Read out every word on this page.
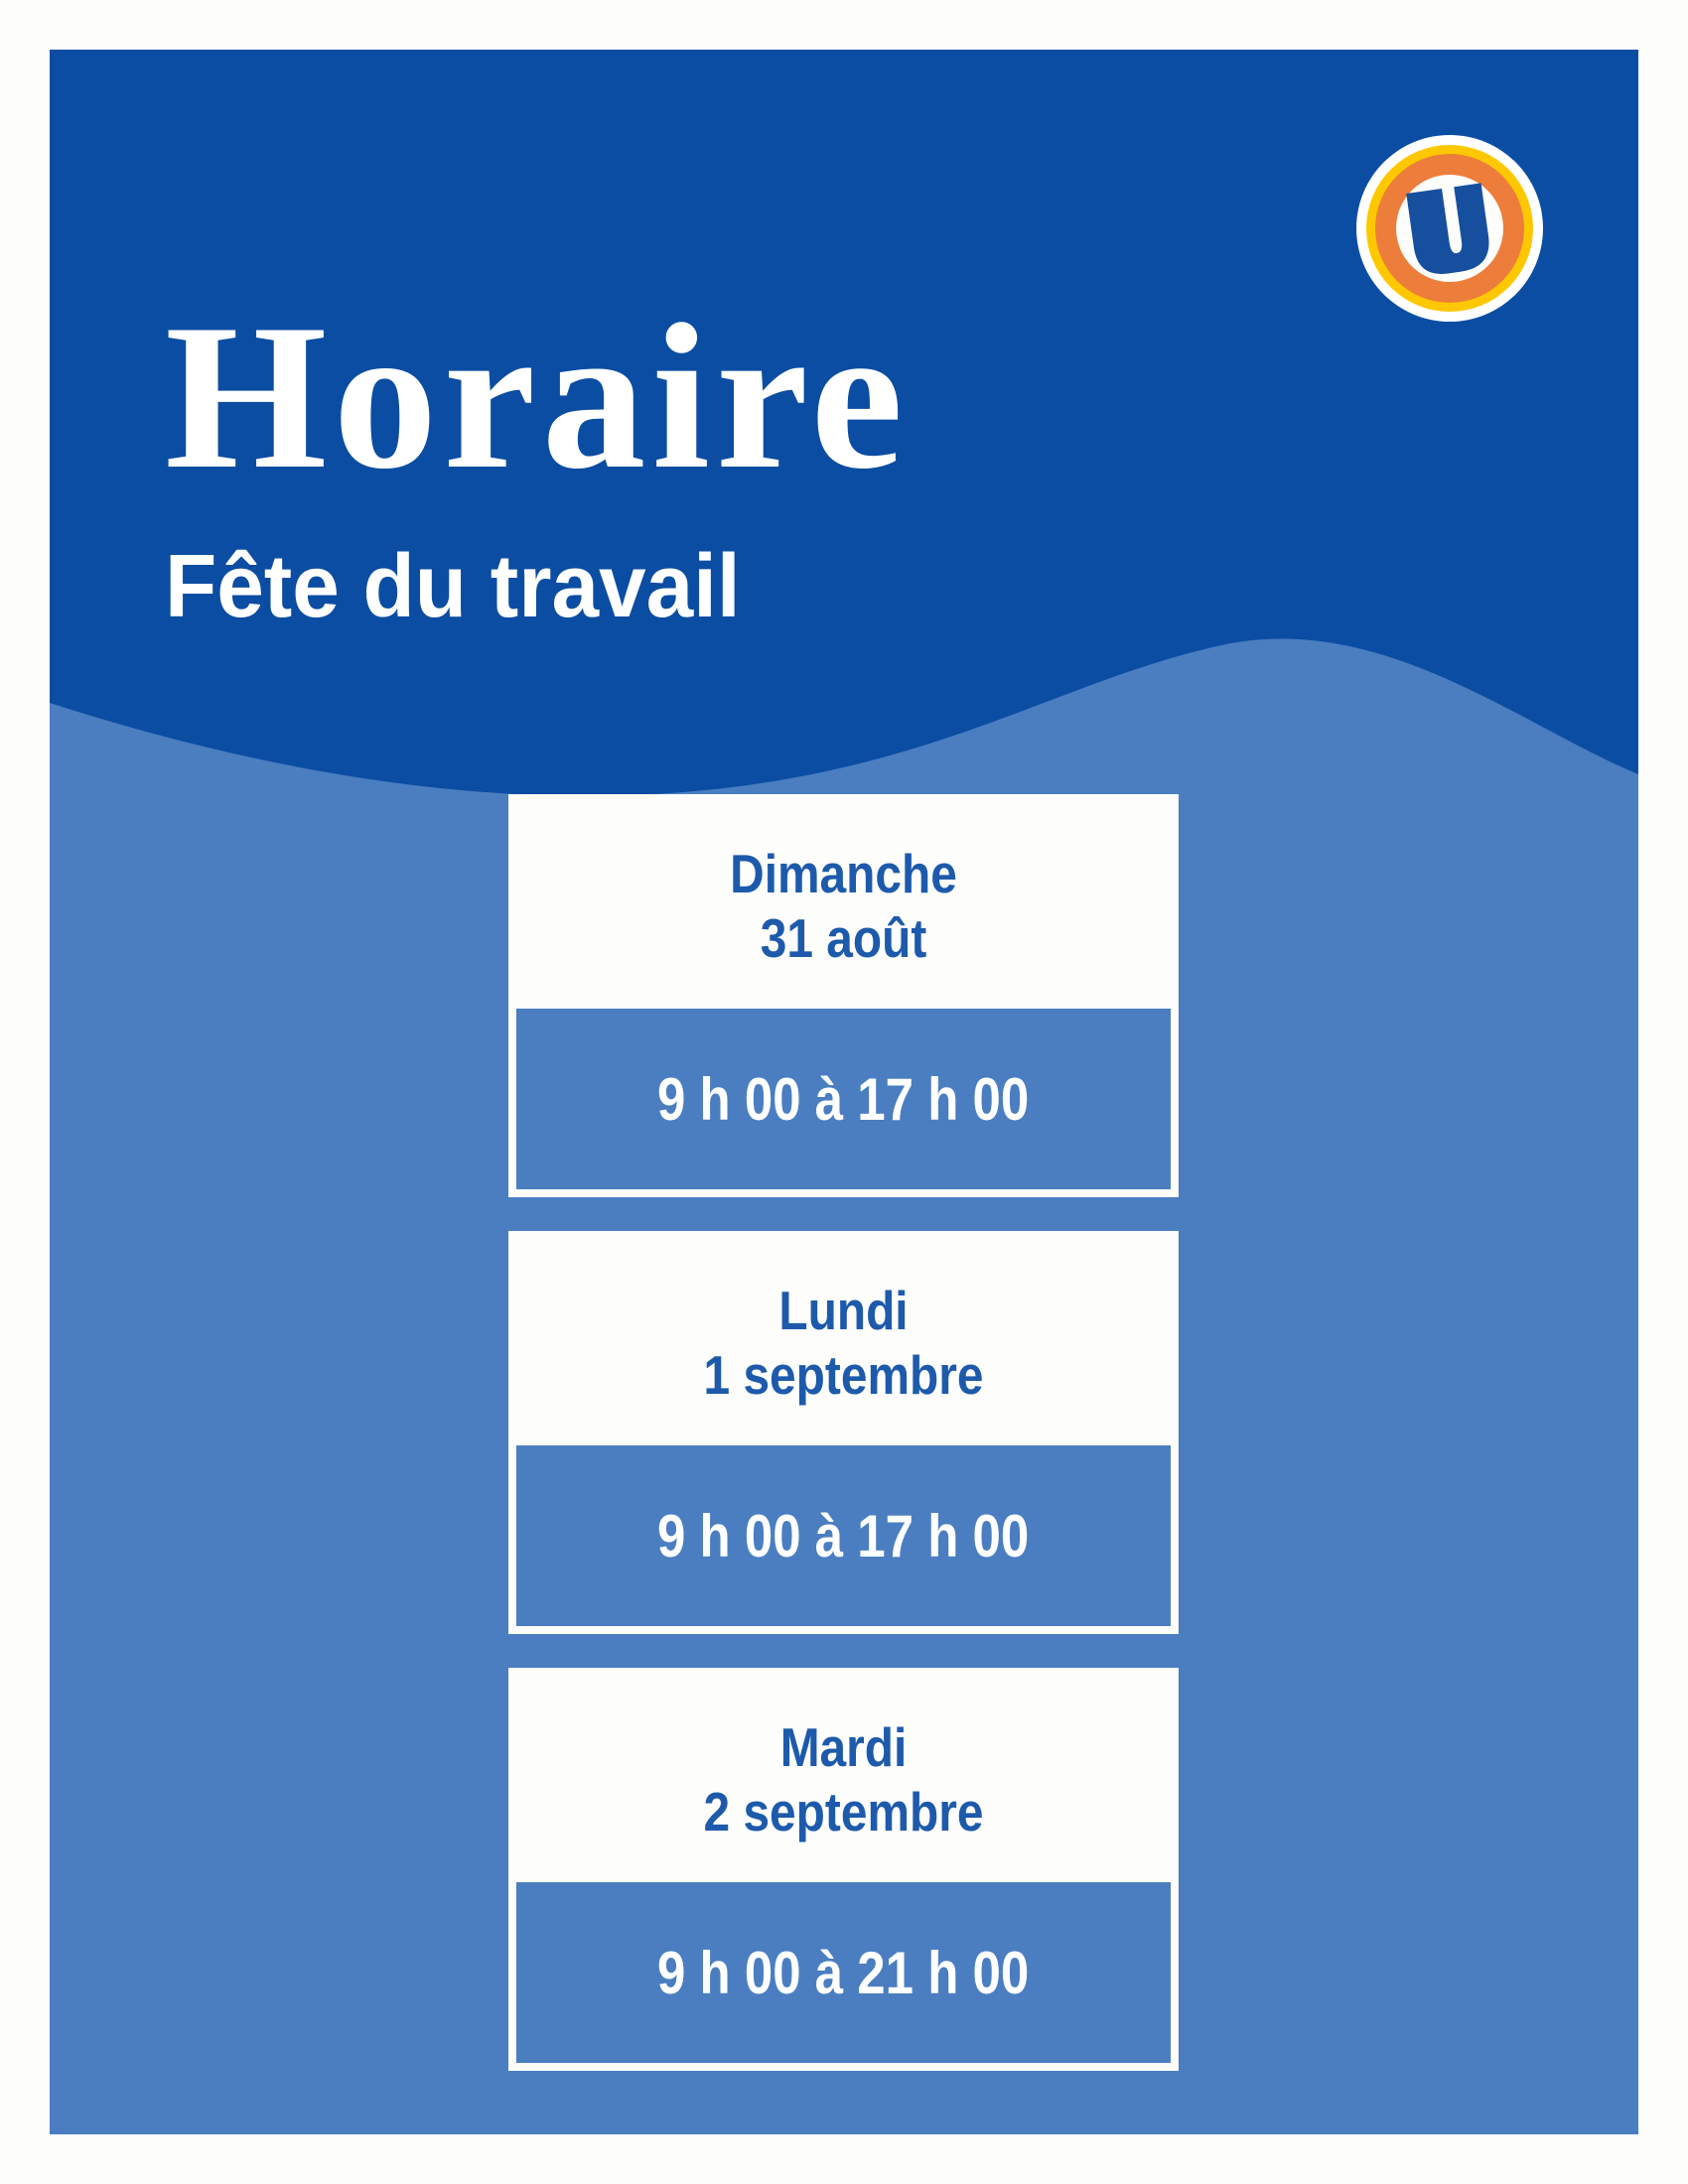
Horaire
Fête du travail
Dimanche
31 août
9 h 00 à 17 h 00
Lundi
1 septembre
9 h 00 à 17 h 00
Mardi
2 septembre
9 h 00 à 21 h 00
